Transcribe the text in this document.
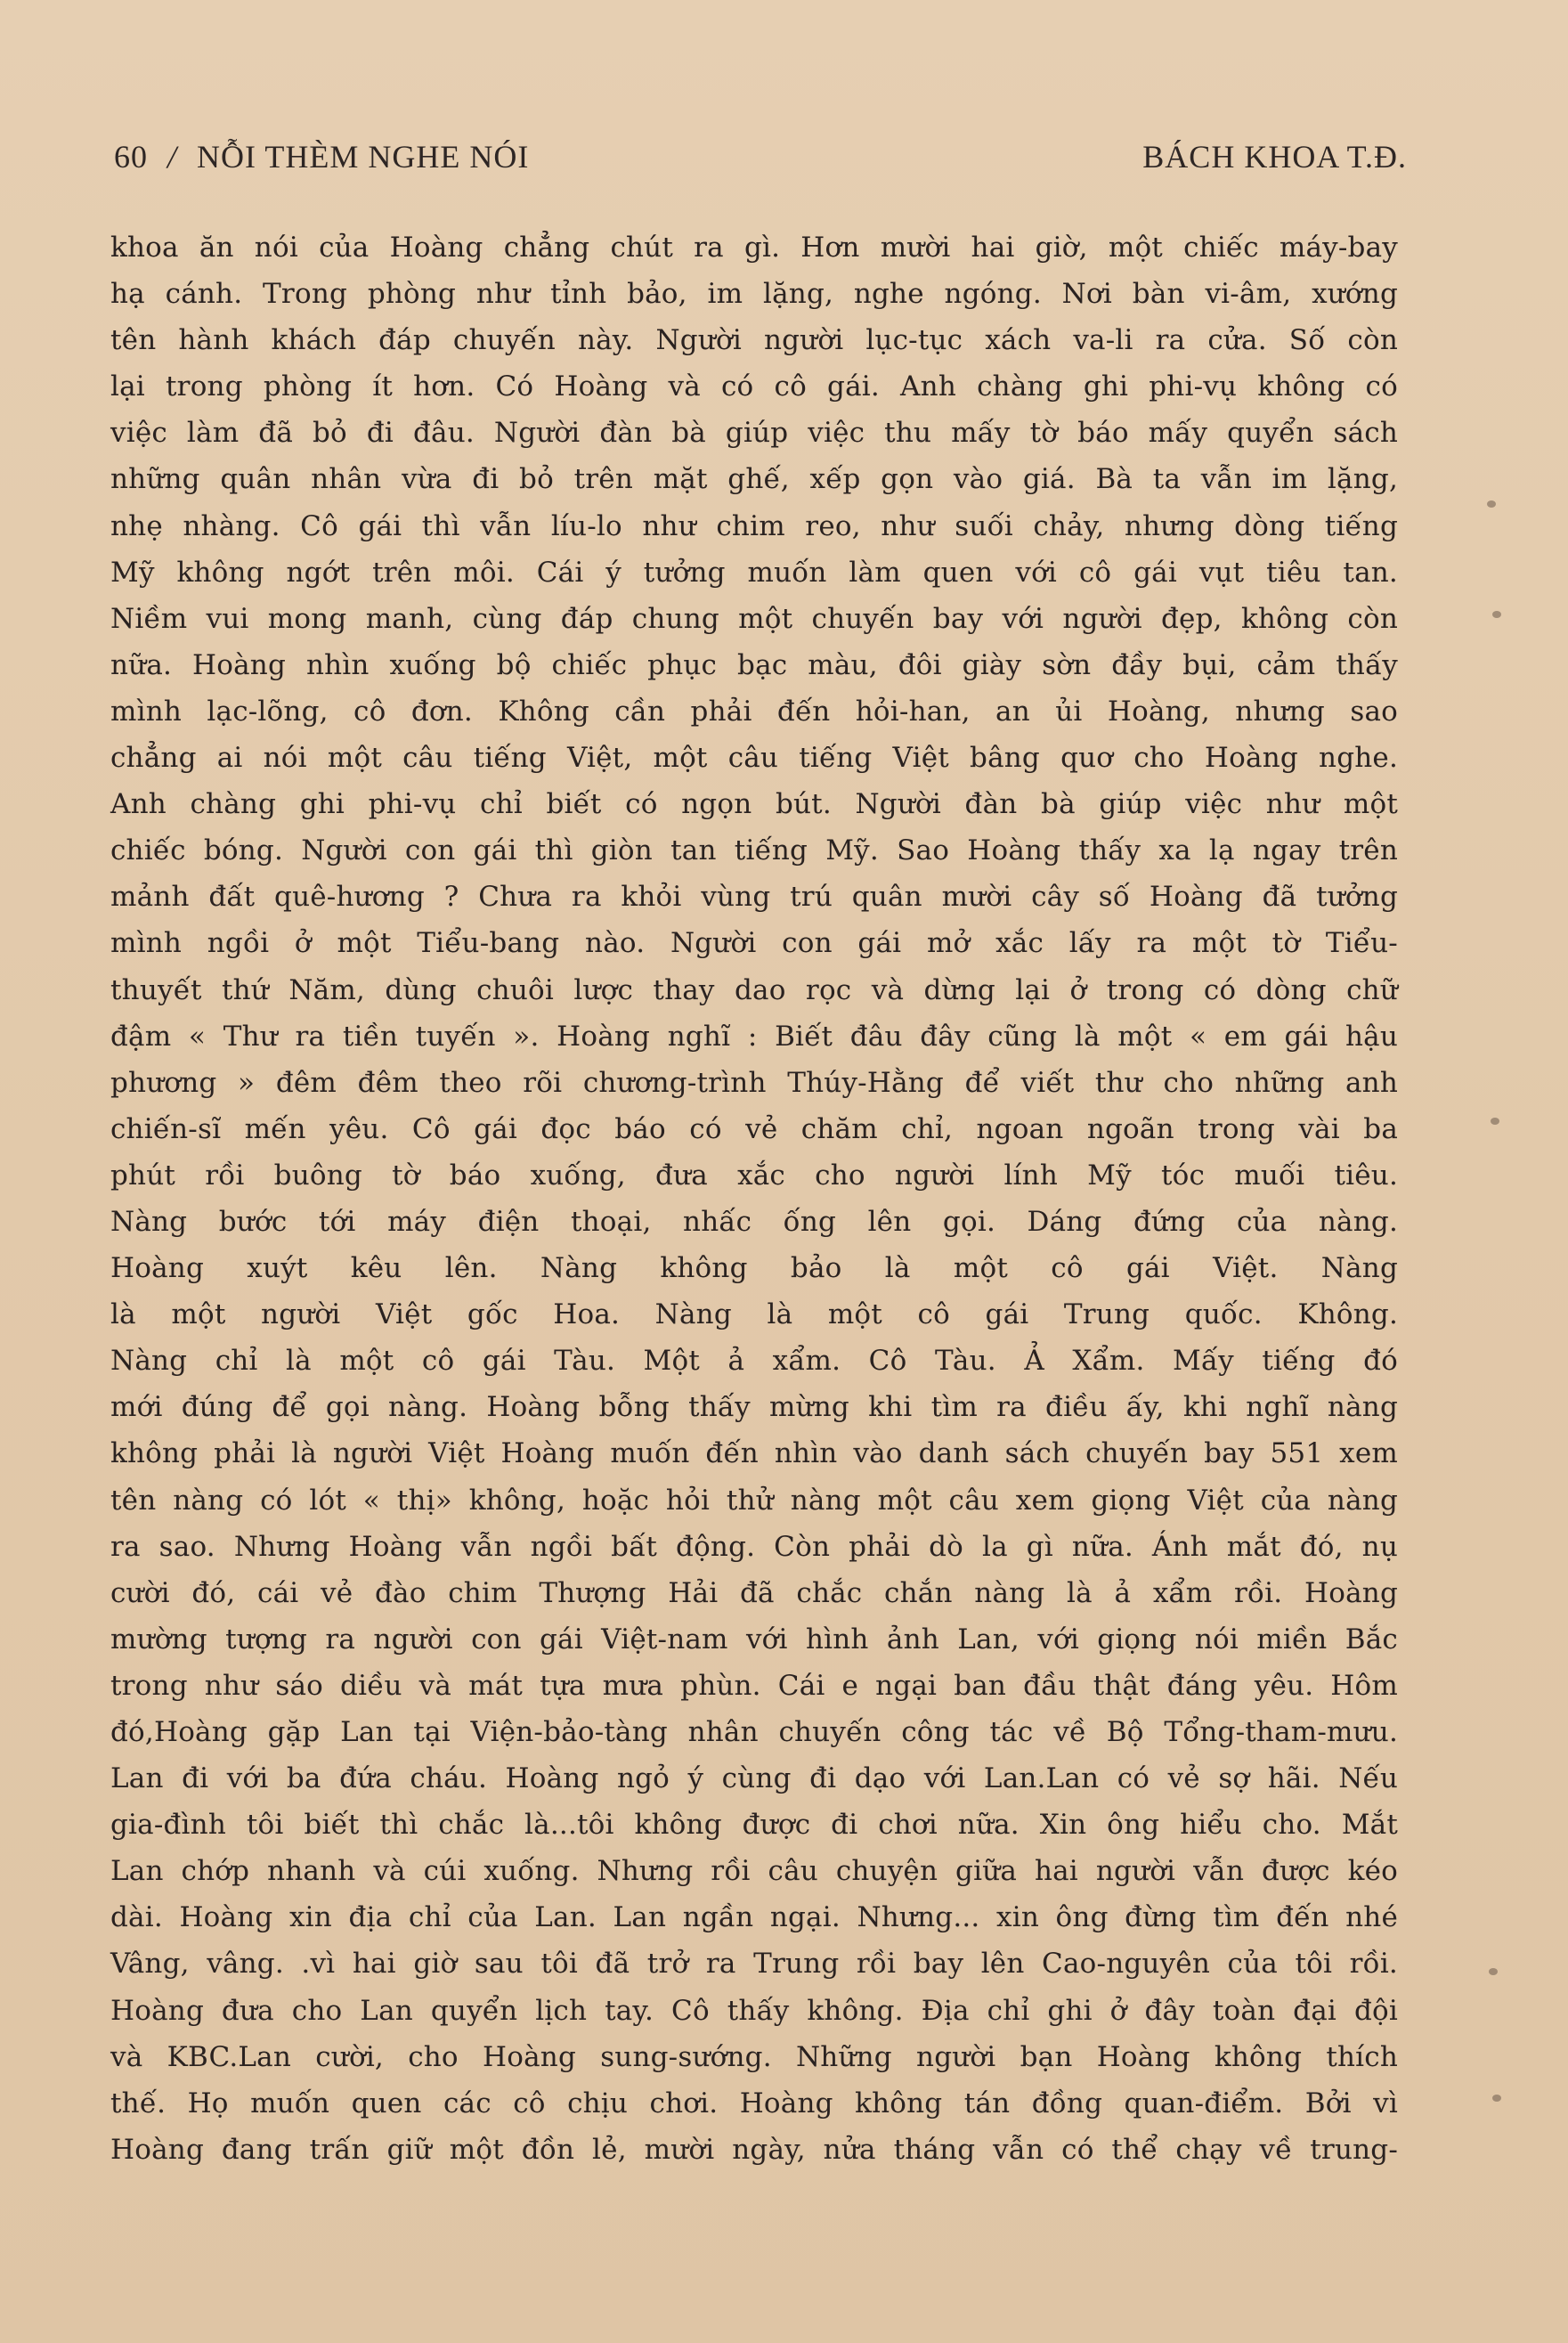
60 / NỖI THÈM NGHE NÓI	BÁCH KHOA T.Đ.
khoa ăn nói của Hoàng chẳng chút ra gì. Hơn mười hai giờ, một chiếc máy-bay
hạ cánh. Trong phòng như tỉnh bảo, im lặng, nghe ngóng. Nơi bàn vi-âm, xướng
tên hành khách đáp chuyến này. Người người lục-tục xách va-li ra cửa. Số còn
lại trong phòng ít hơn. Có Hoàng và có cô gái. Anh chàng ghi phi-vụ không có
việc làm đã bỏ đi đâu. Người đàn bà giúp việc thu mấy tờ báo mấy quyển sách
những quân nhân vừa đi bỏ trên mặt ghế, xếp gọn vào giá. Bà ta vẫn im lặng,
nhẹ nhàng. Cô gái thì vẫn líu-lo như chim reo, như suối chảy, nhưng dòng tiếng
Mỹ không ngớt trên môi. Cái ý tưởng muốn làm quen với cô gái vụt tiêu tan.
Niềm vui mong manh, cùng đáp chung một chuyến bay với người đẹp, không còn
nữa. Hoàng nhìn xuống bộ chiếc phục bạc màu, đôi giày sờn đầy bụi, cảm thấy
mình lạc-lõng, cô đơn. Không cần phải đến hỏi-han, an ủi Hoàng, nhưng sao
chẳng ai nói một câu tiếng Việt, một câu tiếng Việt bâng quơ cho Hoàng nghe.
Anh chàng ghi phi-vụ chỉ biết có ngọn bút. Người đàn bà giúp việc như một
chiếc bóng. Người con gái thì giòn tan tiếng Mỹ. Sao Hoàng thấy xa lạ ngay trên
mảnh đất quê-hương ? Chưa ra khỏi vùng trú quân mười cây số Hoàng đã tưởng
mình ngồi ở một Tiểu-bang nào. Người con gái mở xắc lấy ra một tờ Tiểu-
thuyết thứ Năm, dùng chuôi lược thay dao rọc và dừng lại ở trong có dòng chữ
đậm « Thư ra tiền tuyến ». Hoàng nghĩ : Biết đâu đây cũng là một « em gái hậu
phương » đêm đêm theo rõi chương-trình Thúy-Hằng để viết thư cho những anh
chiến-sĩ mến yêu. Cô gái đọc báo có vẻ chăm chỉ, ngoan ngoãn trong vài ba
phút rồi buông tờ báo xuống, đưa xắc cho người lính Mỹ tóc muối tiêu.
Nàng bước tới máy điện thoại, nhấc ống lên gọi. Dáng đứng của nàng.
Hoàng xuýt kêu lên. Nàng không bảo là một cô gái Việt. Nàng
là một người Việt gốc Hoa. Nàng là một cô gái Trung quốc. Không.
Nàng chỉ là một cô gái Tàu. Một ả xẩm. Cô Tàu. Ả Xẩm. Mấy tiếng đó
mới đúng để gọi nàng. Hoàng bỗng thấy mừng khi tìm ra điều ấy, khi nghĩ nàng
không phải là người Việt Hoàng muốn đến nhìn vào danh sách chuyến bay 551 xem
tên nàng có lót « thị» không, hoặc hỏi thử nàng một câu xem giọng Việt của nàng
ra sao. Nhưng Hoàng vẫn ngồi bất động. Còn phải dò la gì nữa. Ánh mắt đó, nụ
cười đó, cái vẻ đào chim Thượng Hải đã chắc chắn nàng là ả xẩm rồi. Hoàng
mường tượng ra người con gái Việt-nam với hình ảnh Lan, với giọng nói miền Bắc
trong như sáo diều và mát tựa mưa phùn. Cái e ngại ban đầu thật đáng yêu. Hôm
đó,Hoàng gặp Lan tại Viện-bảo-tàng nhân chuyến công tác về Bộ Tổng-tham-mưu.
Lan đi với ba đứa cháu. Hoàng ngỏ ý cùng đi dạo với Lan.Lan có vẻ sợ hãi. Nếu
gia-đình tôi biết thì chắc là...tôi không được đi chơi nữa. Xin ông hiểu cho. Mắt
Lan chớp nhanh và cúi xuống. Nhưng rồi câu chuyện giữa hai người vẫn được kéo
dài. Hoàng xin địa chỉ của Lan. Lan ngần ngại. Nhưng... xin ông đừng tìm đến nhé
Vâng, vâng. .vì hai giờ sau tôi đã trở ra Trung rồi bay lên Cao-nguyên của tôi rồi.
Hoàng đưa cho Lan quyển lịch tay. Cô thấy không. Địa chỉ ghi ở đây toàn đại đội
và KBC.Lan cười, cho Hoàng sung-sướng. Những người bạn Hoàng không thích
thế. Họ muốn quen các cô chịu chơi. Hoàng không tán đồng quan-điểm. Bởi vì
Hoàng đang trấn giữ một đồn lẻ, mười ngày, nửa tháng vẫn có thể chạy về trung-
